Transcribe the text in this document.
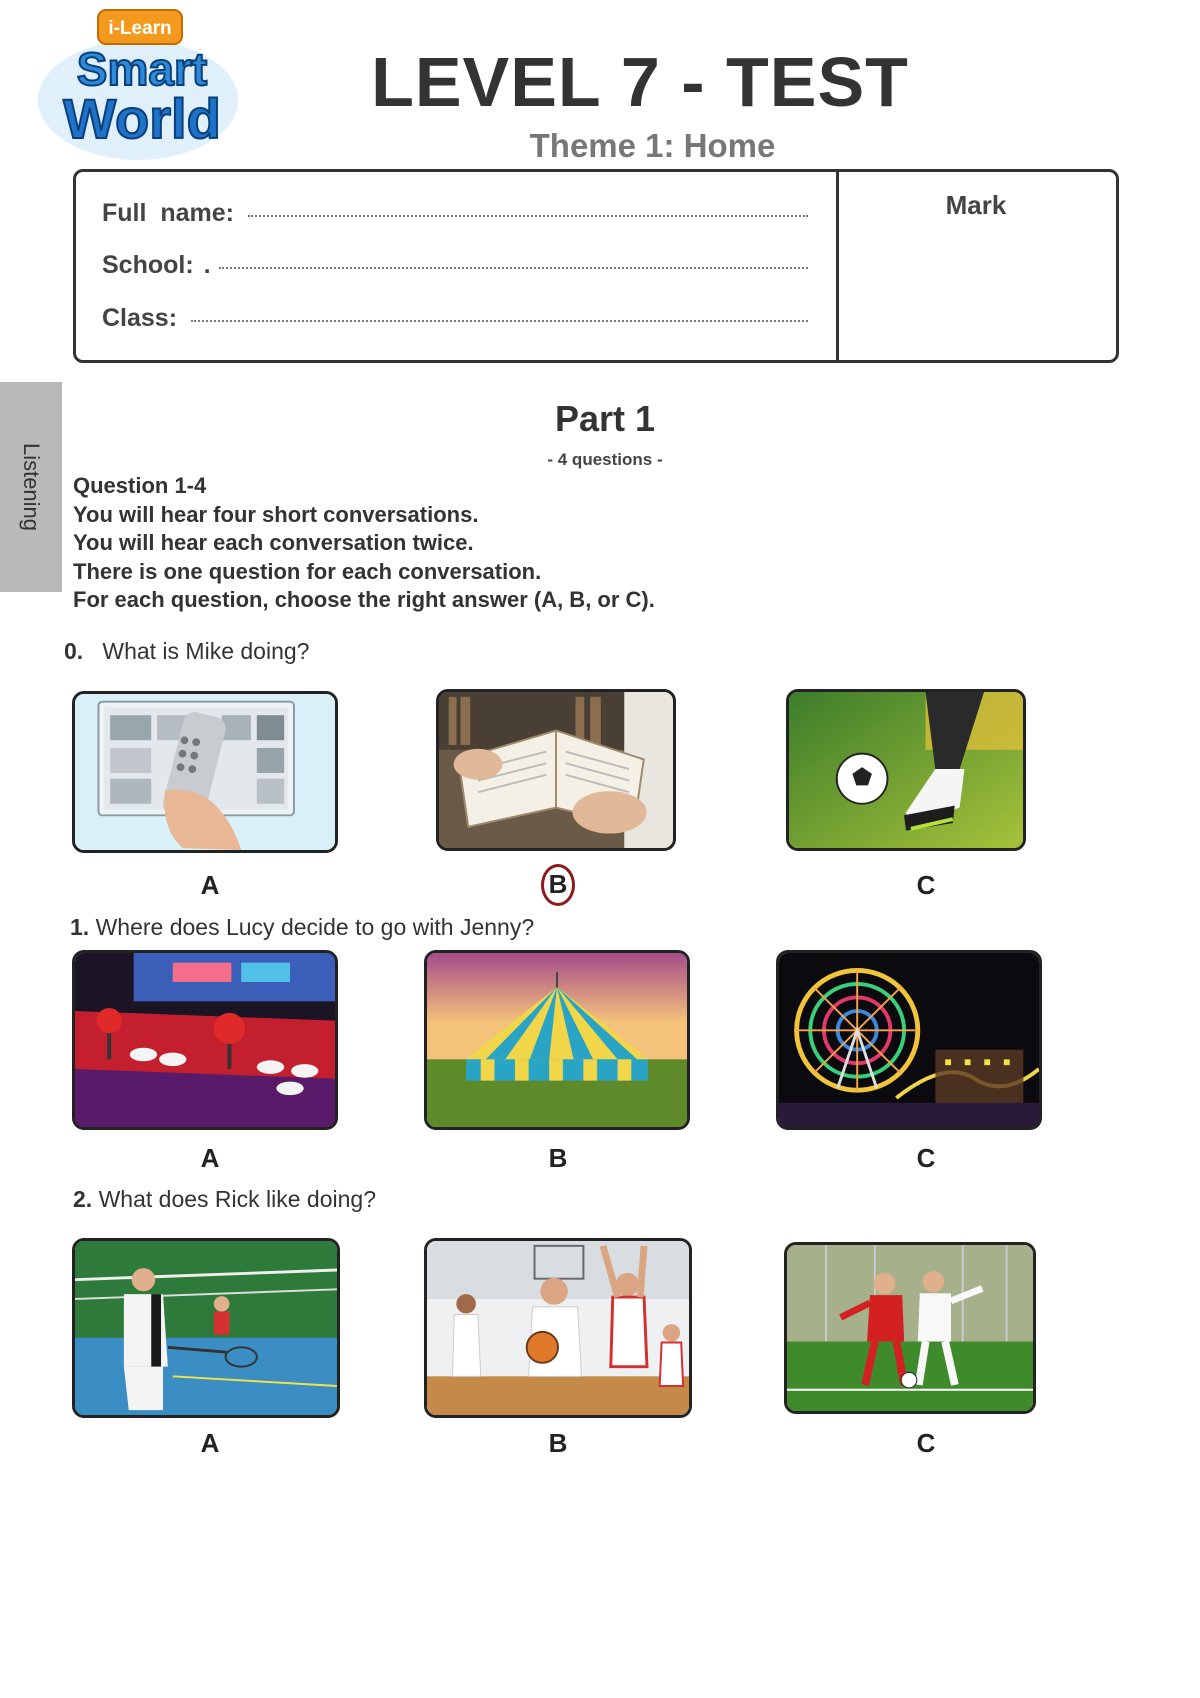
i-Learn
Smart
World	LEVEL 7 - TEST
Theme 1: Home
Full  name:
School: .
Class:
Mark
Listening
Part 1
- 4 questions -
Question 1-4
You will hear four short conversations.
You will hear each conversation twice.
There is one question for each conversation.
For each question, choose the right answer (A, B, or C).
0. What is Mike doing?
A	B	C
1. Where does Lucy decide to go with Jenny?
A	B	C
2. What does Rick like doing?
A	B	C
